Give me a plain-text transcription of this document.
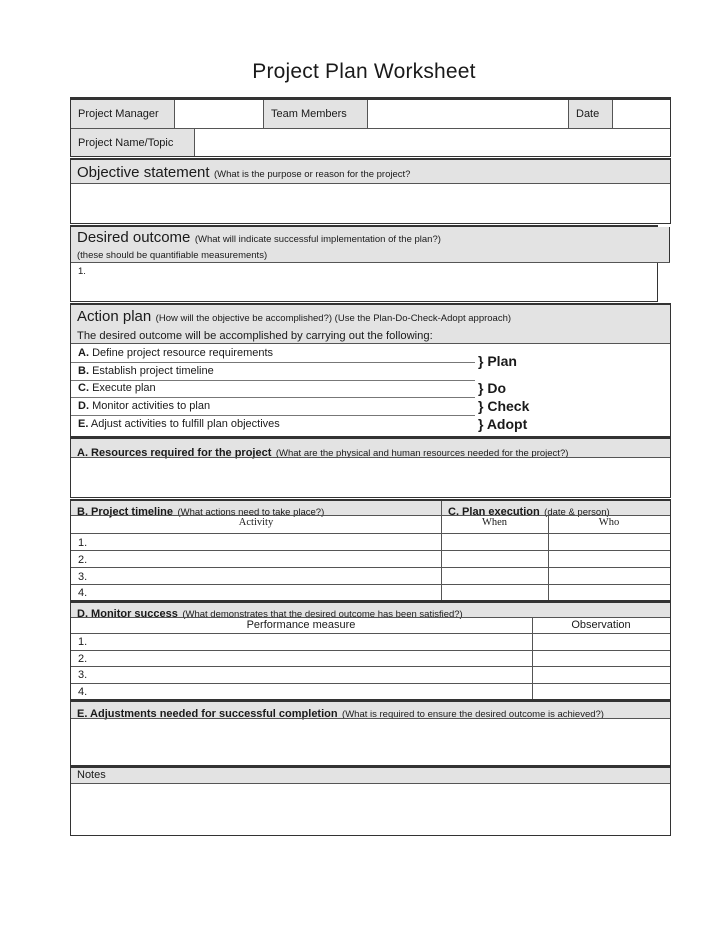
Project Plan Worksheet
Project Manager	Team Members	Date
Project Name/Topic
Objective statement (What is the purpose or reason for the project?
Desired outcome (What will indicate successful implementation of the plan?)
(these should be quantifiable measurements)
1.
Action plan (How will the objective be accomplished?) (Use the Plan-Do-Check-Adopt approach)
The desired outcome will be accomplished by carrying out the following:
A. Define project resource requirements
B. Establish project timeline
C. Execute plan
D. Monitor activities to plan
E. Adjust activities to fulfill plan objectives
} Plan
} Do
} Check
} Adopt
A. Resources required for the project (What are the physical and human resources needed for the project?)
B. Project timeline (What actions need to take place?)	C. Plan execution (date & person)
Activity	When	Who
1.
2.
3.
4.
D. Monitor success (What demonstrates that the desired outcome has been satisfied?)
Performance measure	Observation
1.
2.
3.
4.
E. Adjustments needed for successful completion (What is required to ensure the desired outcome is achieved?)
Notes
